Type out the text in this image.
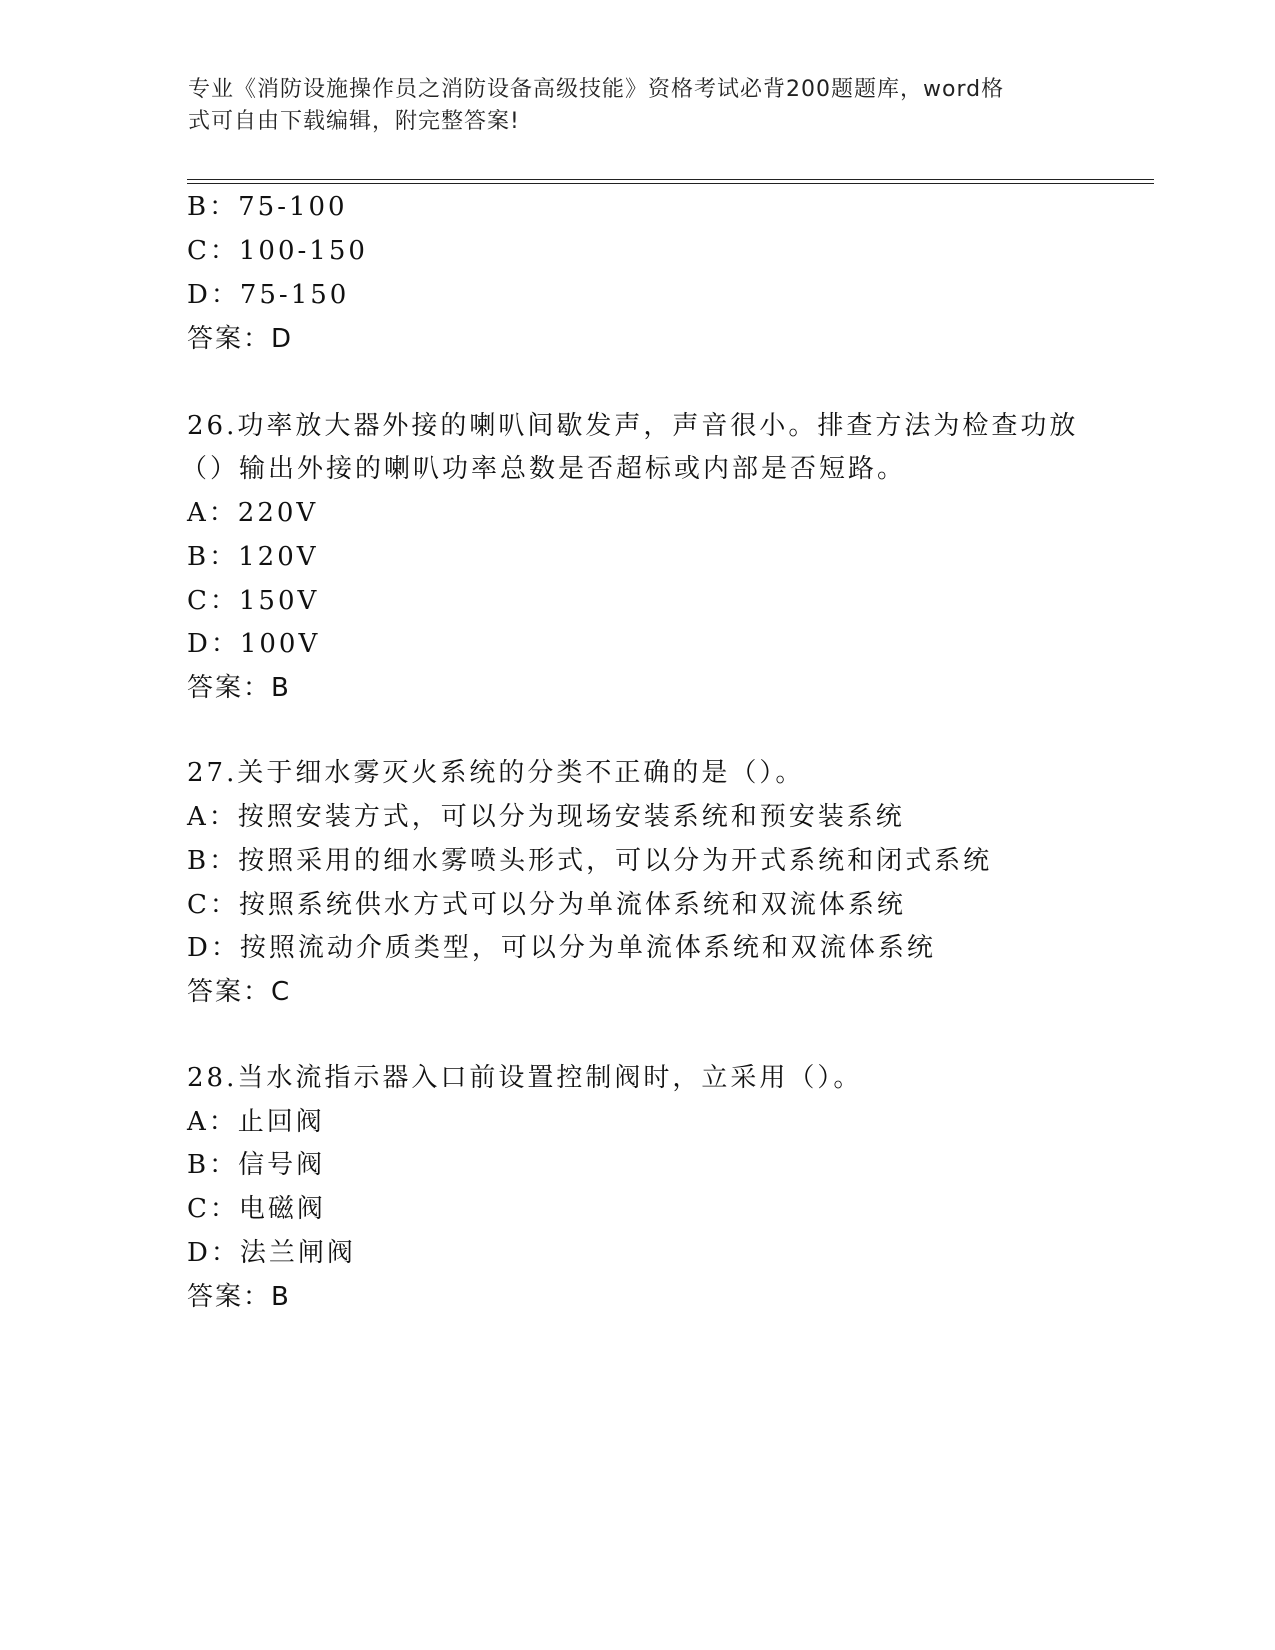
专业《消防设施操作员之消防设备高级技能》资格考试必背200题题库，word格

式可自由下载编辑，附完整答案!

B：75-100
C：100-150
D：75-150
答案：D
26.功率放大器外接的喇叭间歇发声，声音很小。排查方法为检查功放
（）输出外接的喇叭功率总数是否超标或内部是否短路。
A：220V
B：120V
C：150V
D：100V
答案：B
27.关于细水雾灭火系统的分类不正确的是（）。
A：按照安装方式，可以分为现场安装系统和预安装系统
B：按照采用的细水雾喷头形式，可以分为开式系统和闭式系统
C：按照系统供水方式可以分为单流体系统和双流体系统
D：按照流动介质类型，可以分为单流体系统和双流体系统
答案：C
28.当水流指示器入口前设置控制阀时，立采用（）。
A：止回阀
B：信号阀
C：电磁阀
D：法兰闸阀
答案：B
